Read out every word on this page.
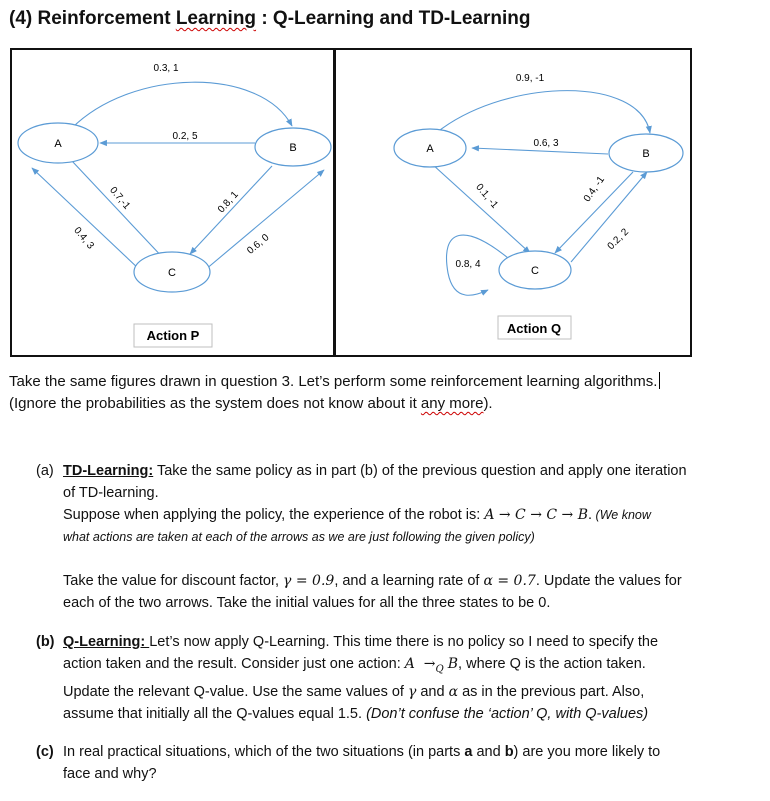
(4) Reinforcement Learning : Q-Learning and TD-Learning
A	B
C
0.3, 1
0.2, 5
0.7,-1
0.4, 3
0.8, 1
0.6, 0
Action P
A	B
C
0.9, -1
0.6, 3
0.1, -1
0.8, 4
0.4, -1
0.2, 2
Action Q
Take the same figures drawn in question 3. Let’s perform some reinforcement learning algorithms.
(Ignore the probabilities as the system does not know about it any more).
(a) TD-Learning: Take the same policy as in part (b) of the previous question and apply one iteration
of TD-learning.
Suppose when applying the policy, the experience of the robot is: A → C → C → B. (We know
what actions are taken at each of the arrows as we are just following the given policy)
Take the value for discount factor, γ = 0.9, and a learning rate of α = 0.7. Update the values for
each of the two arrows. Take the initial values for all the three states to be 0.
(b) Q-Learning: Let’s now apply Q-Learning. This time there is no policy so I need to specify the
action taken and the result. Consider just one action: $A \to_Q$ B, where Q is the action taken.
Update the relevant Q-value. Use the same values of γ and α as in the previous part. Also,
assume that initially all the Q-values equal 1.5. (Don’t confuse the ‘action’ Q, with Q-values)
(c) In real practical situations, which of the two situations (in parts a and b) are you more likely to
face and why?
